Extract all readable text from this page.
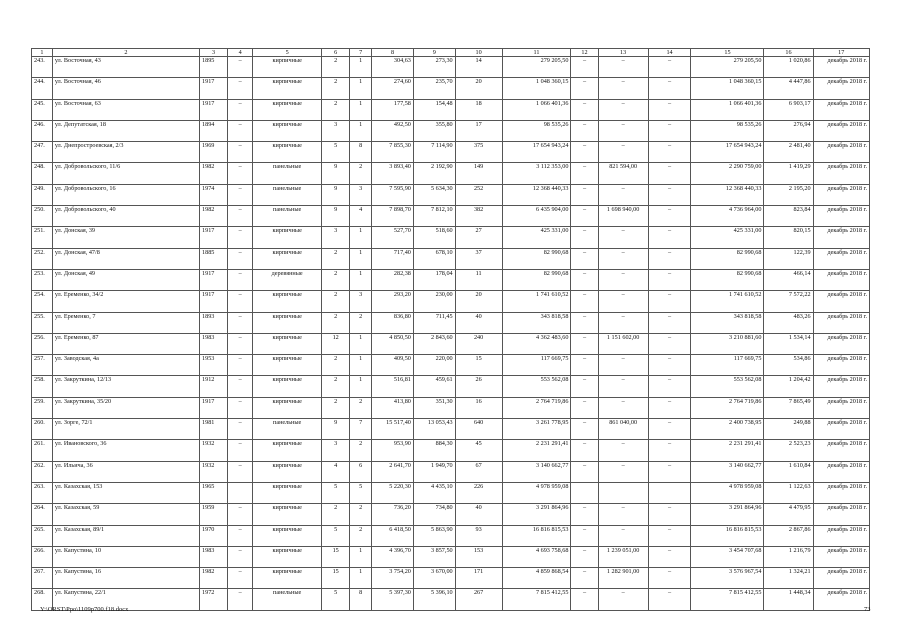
1	2	3	4	5	6	7	8	9	10	11	12	13	14	15	16	17
243.	ул. Восточная, 43	1895	–	кирпичные	2	1	304,63	273,30	14	279 205,50	–	–	–	279 205,50	1 020,86	декабрь 2018 г.
244.	ул. Восточная, 46	1917	–	кирпичные	2	1	274,60	235,70	20	1 048 360,15	–	–	–	1 048 360,15	4 447,86	декабрь 2018 г.
245.	ул. Восточная, 63	1917	–	кирпичные	2	1	177,58	154,48	18	1 066 401,36	–	–	–	1 066 401,36	6 903,17	декабрь 2018 г.
246.	ул. Депутатская, 18	1894	–	кирпичные	3	1	492,50	355,80	17	98 535,26	–	–	–	98 535,26	276,94	декабрь 2018 г.
247.	ул. Днепростроевская, 2/3	1969	–	кирпичные	5	8	7 855,30	7 114,90	375	17 654 943,24	–	–	–	17 654 943,24	2 481,40	декабрь 2018 г.
248.	ул. Добровольского, 11/6	1982	–	панельные	9	2	3 893,40	2 192,90	149	3 112 353,00	–	821 594,00	–	2 290 759,00	1 419,29	декабрь 2018 г.
249.	ул. Добровольского, 16	1974	–	панельные	9	3	7 595,90	5 634,30	252	12 368 440,33	–	–	–	12 368 440,33	2 195,20	декабрь 2018 г.
250.	ул. Добровольского, 40	1982	–	панельные	9	4	7 898,70	7 812,10	382	6 435 904,00	–	1 698 940,00	–	4 736 964,00	823,84	декабрь 2018 г.
251.	ул. Донская, 39	1917	–	кирпичные	3	1	527,70	518,60	27	425 331,00	–	–	–	425 331,00	820,15	декабрь 2018 г.
252.	ул. Донская, 47/8	1885	–	кирпичные	2	1	717,40	678,10	37	82 990,68	–	–	–	82 990,68	122,39	декабрь 2018 г.
253.	ул. Донская, 49	1917	–	деревянные	2	1	282,38	178,04	11	82 990,68	–	–	–	82 990,68	466,14	декабрь 2018 г.
254.	ул. Еременко, 34/2	1917	–	кирпичные	2	3	293,20	230,00	20	1 741 610,52	–	–	–	1 741 610,52	7 572,22	декабрь 2018 г.
255.	ул. Еременко, 7	1893	–	кирпичные	2	2	836,80	711,45	40	343 818,58	–	–	–	343 818,58	483,26	декабрь 2018 г.
256.	ул. Еременко, 87	1983	–	кирпичные	12	1	4 850,50	2 843,60	240	4 362 483,60	–	1 151 602,00	–	3 210 881,60	1 534,14	декабрь 2018 г.
257.	ул. Заводская, 4а	1953	–	кирпичные	2	1	409,50	220,00	15	117 669,75	–	–	–	117 669,75	534,86	декабрь 2018 г.
258.	ул. Закруткина, 12/13	1912	–	кирпичные	2	1	516,81	459,61	26	553 562,08	–	–	–	553 562,08	1 204,42	декабрь 2018 г.
259.	ул. Закруткина, 35/20	1917	–	кирпичные	2	2	413,80	351,30	16	2 764 719,86	–	–	–	2 764 719,86	7 865,49	декабрь 2018 г.
260.	ул. Зорге, 72/1	1981	–	панельные	9	7	15 517,40	13 053,43	640	3 261 778,95	–	861 040,00	–	2 400 738,95	249,88	декабрь 2018 г.
261.	ул. Ивановского, 36	1932	–	кирпичные	3	2	953,90	884,30	45	2 231 291,41	–	–	–	2 231 291,41	2 523,23	декабрь 2018 г.
262.	ул. Ильича, 36	1932	–	кирпичные	4	6	2 641,70	1 949,70	67	3 140 662,77	–	–	–	3 140 662,77	1 610,84	декабрь 2018 г.
263.	ул. Казахская, 153	1965		кирпичные	5	5	5 220,30	4 435,10	226	4 978 959,08				4 978 959,08	1 122,63	декабрь 2018 г.
264.	ул. Казахская, 59	1959	–	кирпичные	2	2	736,20	734,80	40	3 291 864,96	–	–	–	3 291 864,96	4 479,95	декабрь 2018 г.
265.	ул. Казахская, 89/1	1970	–	кирпичные	5	2	6 418,50	5 863,90	93	16 816 815,53	–	–	–	16 816 815,53	2 867,86	декабрь 2018 г.
266.	ул. Капустина, 10	1983	–	кирпичные	15	1	4 396,70	3 857,50	153	4 693 758,68	–	1 239 051,00	–	3 454 707,68	1 216,79	декабрь 2018 г.
267.	ул. Капустина, 16	1982	–	кирпичные	15	1	3 754,20	3 670,00	171	4 859 868,54	–	1 282 901,00	–	3 576 967,54	1 324,21	декабрь 2018 г.
268.	ул. Капустина, 22/1	1972	–	панельные	5	8	5 397,30	5 396,10	267	7 815 412,55	–	–	–	7 815 412,55	1 448,34	декабрь 2018 г.
Y:\ORST\Ppo\1109p700.f18.docx	73
